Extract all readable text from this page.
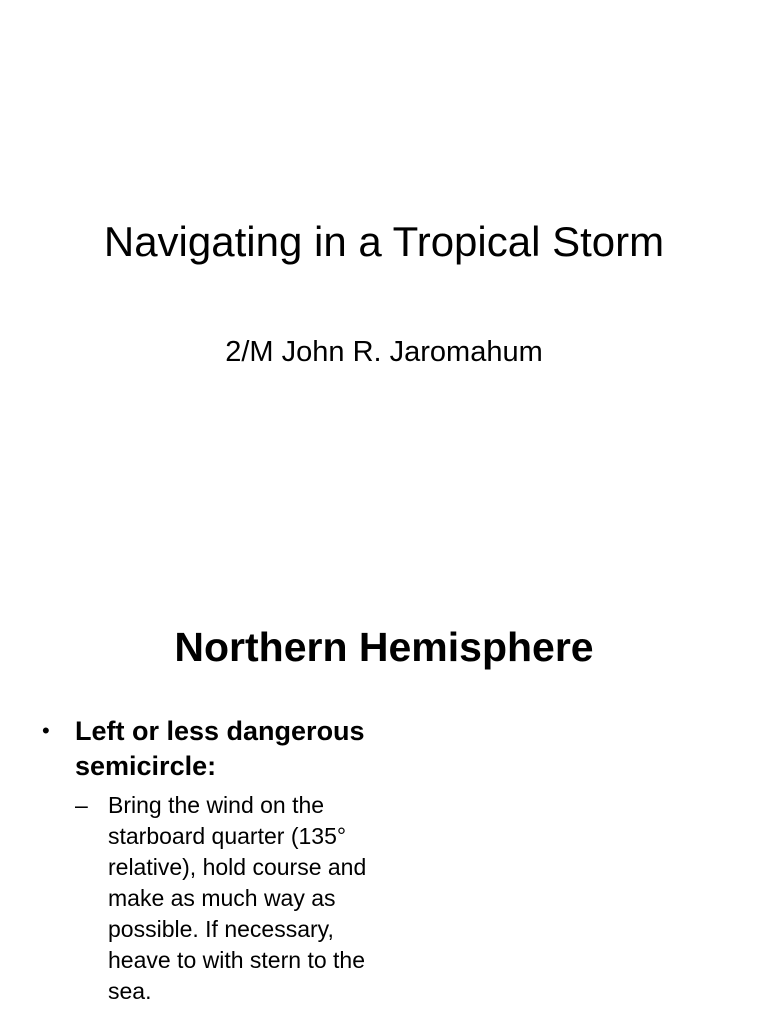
Navigating in a Tropical Storm

2/M John R. Jaromahum

Northern Hemisphere
• Left or less dangerous semicircle:
– Bring the wind on the starboard quarter (135° relative), hold course and make as much way as possible. If necessary, heave to with stern to the sea.
